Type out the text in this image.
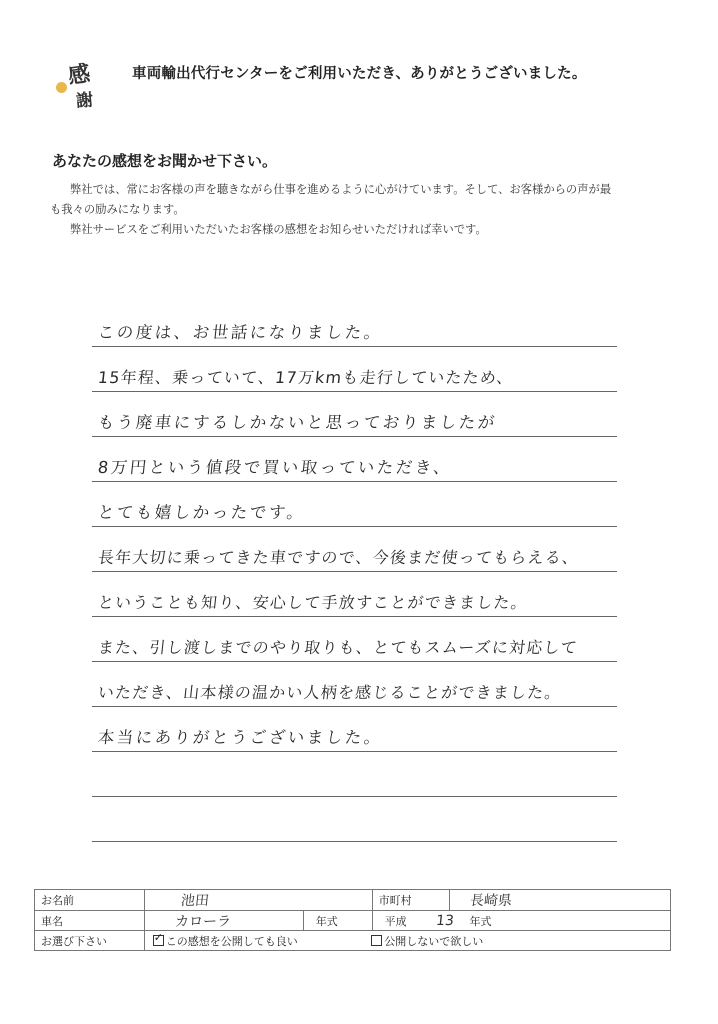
感
謝
車両輸出代行センターをご利用いただき、ありがとうございました。
あなたの感想をお聞かせ下さい。

弊社では、常にお客様の声を聴きながら仕事を進めるように心がけています。そして、お客様からの声が最

も我々の励みになります。

弊社サービスをご利用いただいたお客様の感想をお知らせいただければ幸いです。

この度は、お世話になりました。
15年程、乗っていて、17万kmも走行していたため、
もう廃車にするしかないと思っておりましたが
8万円という値段で買い取っていただき、
とても嬉しかったです。
長年大切に乗ってきた車ですので、今後まだ使ってもらえる、
ということも知り、安心して手放すことができました。
また、引し渡しまでのやり取りも、とてもスムーズに対応して
いただき、山本様の温かい人柄を感じることができました。
本当にありがとうございました。
お名前	池田	市町村	長崎県
車名	カローラ 年式	平成 13 年式	
お選び下さい	✓この感想を公開しても良い 公開しないで欲しい
